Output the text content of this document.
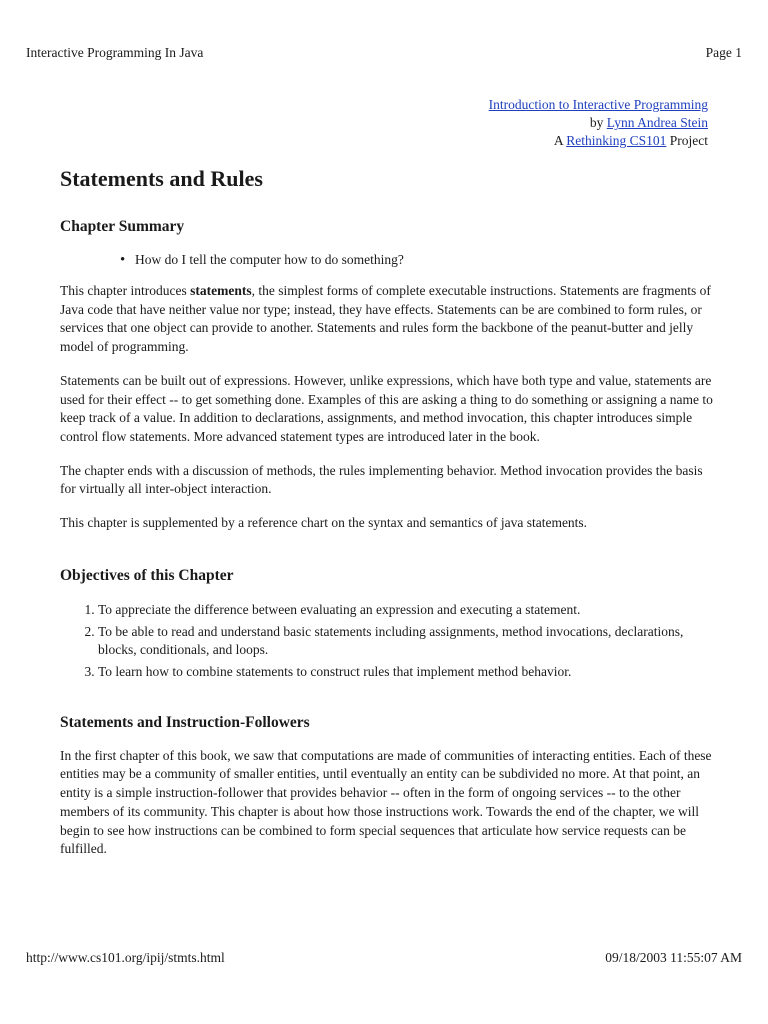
Interactive Programming In Java	Page 1
Introduction to Interactive Programming
by Lynn Andrea Stein
A Rethinking CS101 Project
Statements and Rules
Chapter Summary
• How do I tell the computer how to do something?

This chapter introduces statements, the simplest forms of complete executable instructions. Statements are fragments of Java code that have neither value nor type; instead, they have effects. Statements can be are combined to form rules, or services that one object can provide to another. Statements and rules form the backbone of the peanut-butter and jelly model of programming.

Statements can be built out of expressions. However, unlike expressions, which have both type and value, statements are used for their effect -- to get something done. Examples of this are asking a thing to do something or assigning a name to keep track of a value. In addition to declarations, assignments, and method invocation, this chapter introduces simple control flow statements. More advanced statement types are introduced later in the book.

The chapter ends with a discussion of methods, the rules implementing behavior. Method invocation provides the basis for virtually all inter-object interaction.

This chapter is supplemented by a reference chart on the syntax and semantics of java statements.

Objectives of this Chapter
1. To appreciate the difference between evaluating an expression and executing a statement.
2. To be able to read and understand basic statements including assignments, method invocations, declarations, blocks, conditionals, and loops.
3. To learn how to combine statements to construct rules that implement method behavior.
Statements and Instruction-Followers

In the first chapter of this book, we saw that computations are made of communities of interacting entities. Each of these entities may be a community of smaller entities, until eventually an entity can be subdivided no more. At that point, an entity is a simple instruction-follower that provides behavior -- often in the form of ongoing services -- to the other members of its community. This chapter is about how those instructions work. Towards the end of the chapter, we will begin to see how instructions can be combined to form special sequences that articulate how service requests can be fulfilled.

http://www.cs101.org/ipij/stmts.html	09/18/2003 11:55:07 AM
